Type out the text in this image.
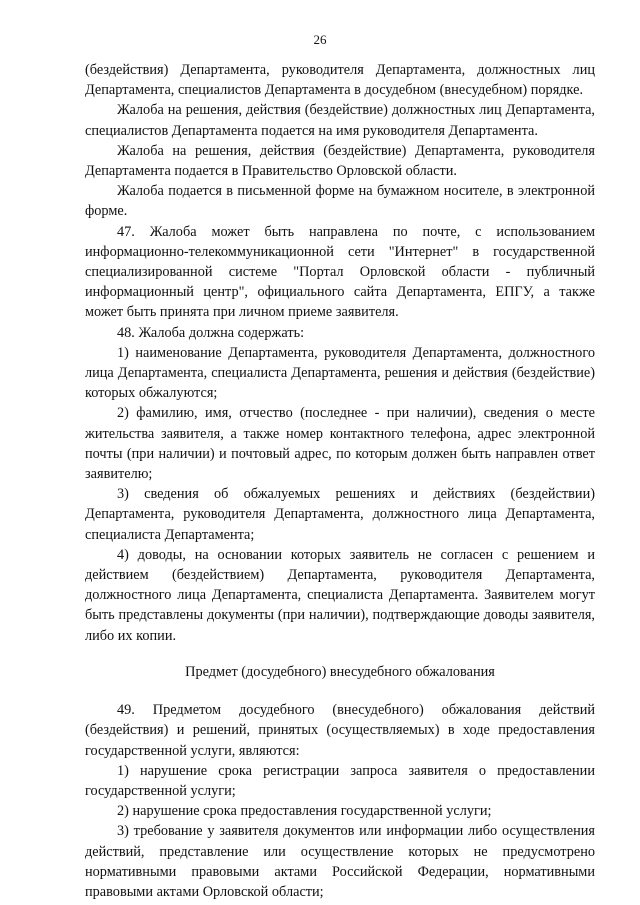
26

(бездействия) Департамента, руководителя Департамента, должностных лиц Департамента, специалистов Департамента в досудебном (внесудебном) порядке.

Жалоба на решения, действия (бездействие) должностных лиц Департамента, специалистов Департамента подается на имя руководителя Департамента.

Жалоба на решения, действия (бездействие) Департамента, руководителя Департамента подается в Правительство Орловской области.

Жалоба подается в письменной форме на бумажном носителе, в электронной форме.

47. Жалоба может быть направлена по почте, с использованием информационно-телекоммуникационной сети "Интернет" в государственной специализированной системе "Портал Орловской области - публичный информационный центр", официального сайта Департамента, ЕПГУ, а также может быть принята при личном приеме заявителя.

48. Жалоба должна содержать:

1) наименование Департамента, руководителя Департамента, должностного лица Департамента, специалиста Департамента, решения и действия (бездействие) которых обжалуются;

2) фамилию, имя, отчество (последнее - при наличии), сведения о месте жительства заявителя, а также номер контактного телефона, адрес электронной почты (при наличии) и почтовый адрес, по которым должен быть направлен ответ заявителю;

3) сведения об обжалуемых решениях и действиях (бездействии) Департамента, руководителя Департамента, должностного лица Департамента, специалиста Департамента;

4) доводы, на основании которых заявитель не согласен с решением и действием (бездействием) Департамента, руководителя Департамента, должностного лица Департамента, специалиста Департамента. Заявителем могут быть представлены документы (при наличии), подтверждающие доводы заявителя, либо их копии.

Предмет (досудебного) внесудебного обжалования

49. Предметом досудебного (внесудебного) обжалования действий (бездействия) и решений, принятых (осуществляемых) в ходе предоставления государственной услуги, являются:

1) нарушение срока регистрации запроса заявителя о предоставлении государственной услуги;

2) нарушение срока предоставления государственной услуги;

3) требование у заявителя документов или информации либо осуществления действий, представление или осуществление которых не предусмотрено нормативными правовыми актами Российской Федерации, нормативными правовыми актами Орловской области;
